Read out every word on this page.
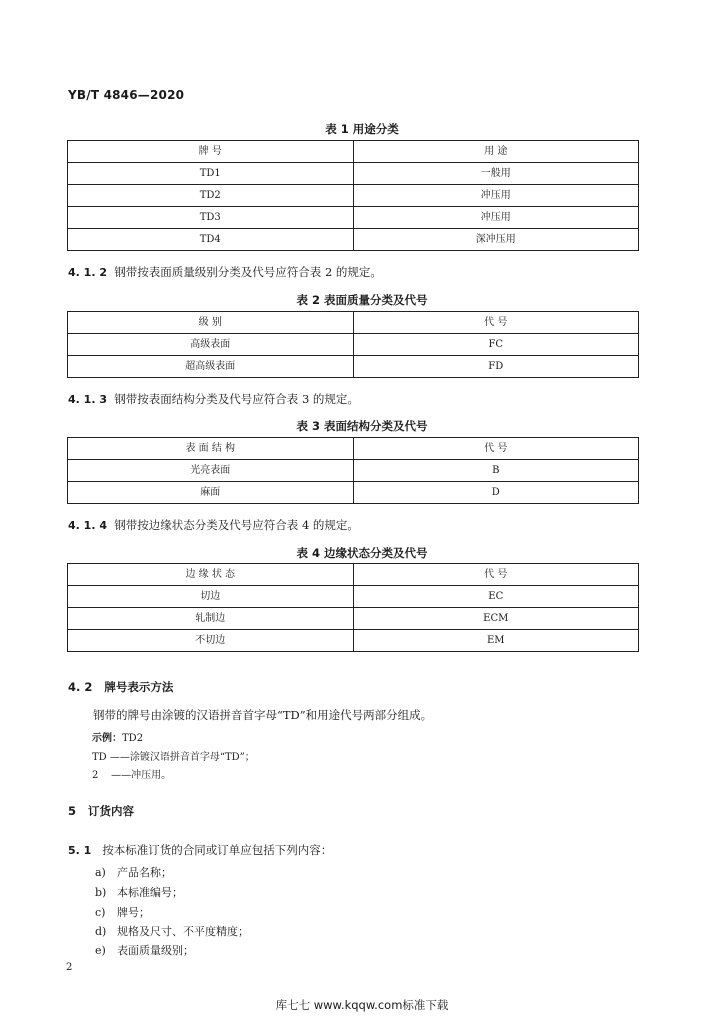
YB/T 4846—2020
表 1 用途分类
牌 号	用 途
TD1	一般用
TD2	冲压用
TD3	冲压用
TD4	深冲压用
4. 1. 2 钢带按表面质量级别分类及代号应符合表 2 的规定。
表 2 表面质量分类及代号
级 别	代 号
高级表面	FC
超高级表面	FD
4. 1. 3 钢带按表面结构分类及代号应符合表 3 的规定。
表 3 表面结构分类及代号
表 面 结 构	代 号
光亮表面	B
麻面	D
4. 1. 4 钢带按边缘状态分类及代号应符合表 4 的规定。
表 4 边缘状态分类及代号
边 缘 状 态	代 号
切边	EC
轧制边	ECM
不切边	EM
4. 2 牌号表示方法
钢带的牌号由涂镀的汉语拼音首字母“TD”和用途代号两部分组成。
示例：TD2
TD ——涂镀汉语拼音首字母“TD”；
2    ——冲压用。
5 订货内容
5. 1 按本标准订货的合同或订单应包括下列内容：
a) 产品名称；
b) 本标准编号；
c) 牌号；
d) 规格及尺寸、不平度精度；
e) 表面质量级别；
2
库七七 www.kqqw.com标准下载
